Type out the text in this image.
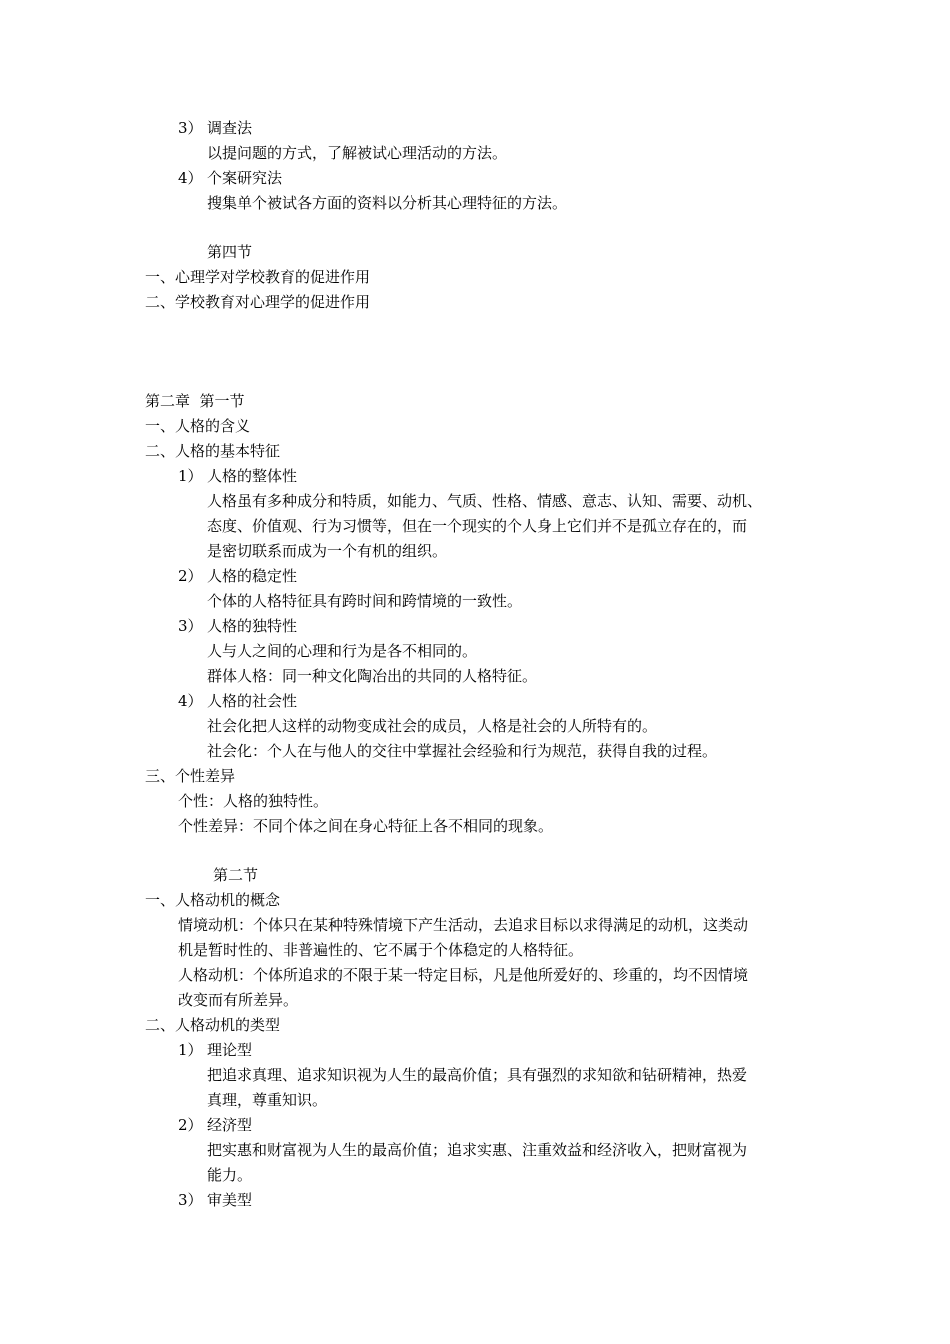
3） 调查法
以提问题的方式，了解被试心理活动的方法。
4） 个案研究法
搜集单个被试各方面的资料以分析其心理特征的方法。
第四节
一、心理学对学校教育的促进作用
二、学校教育对心理学的促进作用
第二章  第一节
一、人格的含义
二、人格的基本特征
1） 人格的整体性
人格虽有多种成分和特质，如能力、气质、性格、情感、意志、认知、需要、动机、
态度、价值观、行为习惯等，但在一个现实的个人身上它们并不是孤立存在的，而
是密切联系而成为一个有机的组织。
2） 人格的稳定性
个体的人格特征具有跨时间和跨情境的一致性。
3） 人格的独特性
人与人之间的心理和行为是各不相同的。
群体人格：同一种文化陶冶出的共同的人格特征。
4） 人格的社会性
社会化把人这样的动物变成社会的成员，人格是社会的人所特有的。
社会化：个人在与他人的交往中掌握社会经验和行为规范，获得自我的过程。
三、个性差异
个性：人格的独特性。
个性差异：不同个体之间在身心特征上各不相同的现象。
第二节
一、人格动机的概念
情境动机：个体只在某种特殊情境下产生活动，去追求目标以求得满足的动机，这类动
机是暂时性的、非普遍性的、它不属于个体稳定的人格特征。
人格动机：个体所追求的不限于某一特定目标，凡是他所爱好的、珍重的，均不因情境
改变而有所差异。
二、人格动机的类型
1） 理论型
把追求真理、追求知识视为人生的最高价值；具有强烈的求知欲和钻研精神，热爱
真理，尊重知识。
2） 经济型
把实惠和财富视为人生的最高价值；追求实惠、注重效益和经济收入，把财富视为
能力。
3） 审美型
